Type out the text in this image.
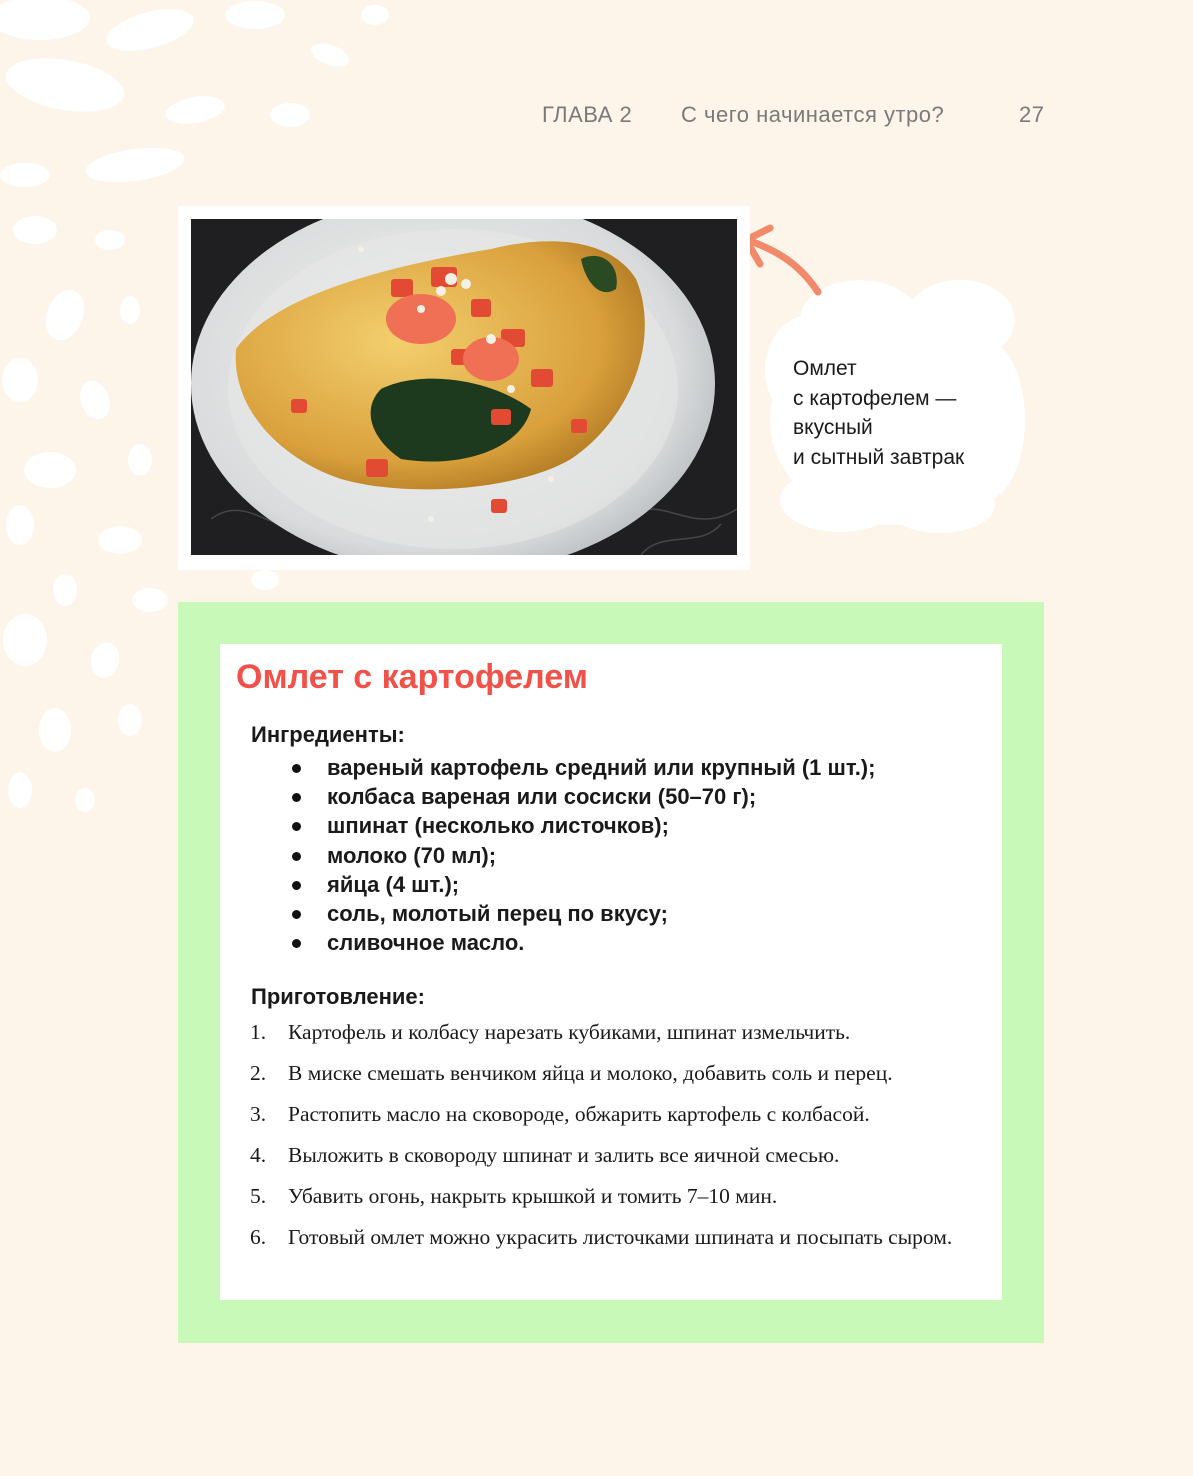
ГЛАВА 2 С чего начинается утро?	27
Омлет
с картофелем —
вкусный
и сытный завтрак
Омлет с картофелем
Ингредиенты:
вареный картофель средний или крупный (1 шт.);
колбаса вареная или сосиски (50–70 г);
шпинат (несколько листочков);
молоко (70 мл);
яйца (4 шт.);
соль, молотый перец по вкусу;
сливочное масло.
Приготовление:
1. Картофель и колбасу нарезать кубиками, шпинат измельчить.
2. В миске смешать венчиком яйца и молоко, добавить соль и перец.
3. Растопить масло на сковороде, обжарить картофель с колбасой.
4. Выложить в сковороду шпинат и залить все яичной смесью.
5. Убавить огонь, накрыть крышкой и томить 7–10 мин.
6. Готовый омлет можно украсить листочками шпината и посыпать сыром.
